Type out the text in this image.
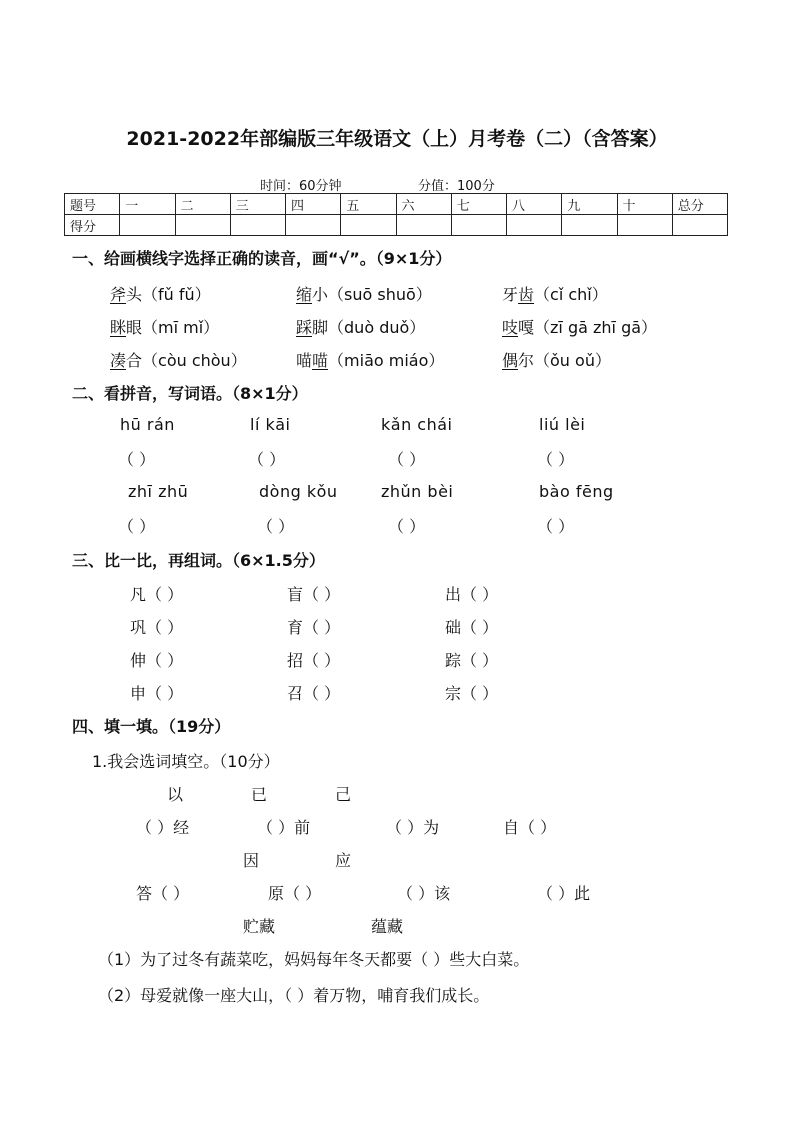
2021-2022年部编版三年级语文（上）月考卷（二）（含答案）
时间：60分钟	分值：100分
题号	一	二	三	四	五	六	七	八	九	十	总分
得分											
一、给画横线字选择正确的读音，画“√”。（9×1分）
斧头（fǔ fǔ）	缩小（suō shuō）	牙齿（cǐ chǐ）
眯眼（mī mǐ）	踩脚（duò duǒ）	吱嘎（zī gā zhī gā）
凑合（còu chòu）	喵喵（miāo miáo）	偶尔（ǒu oǔ）
二、看拼音，写词语。（8×1分）
hū rán	lí kāi	kǎn chái	liú lèi
（ ）	（ ）	（ ）	（ ）
zhī zhū	dòng kǒu	zhǔn bèi	bào fēng
（ ）	（ ）	（ ）	（ ）
三、比一比，再组词。（6×1.5分）
凡（ ）	盲（ ）	出（ ）
巩（ ）	育（ ）	础（ ）
伸（ ）	招（ ）	踪（ ）
申（ ）	召（ ）	宗（ ）
四、填一填。（19分）
1.我会选词填空。（10分）
以	已	己
（ ）经	（ ）前	（ ）为	自（ ）
因	应
答（ ）	原（ ）	（ ）该	（ ）此
贮藏	蕴藏
（1）为了过冬有蔬菜吃，妈妈每年冬天都要（ ）些大白菜。
（2）母爱就像一座大山，（ ）着万物，哺育我们成长。
